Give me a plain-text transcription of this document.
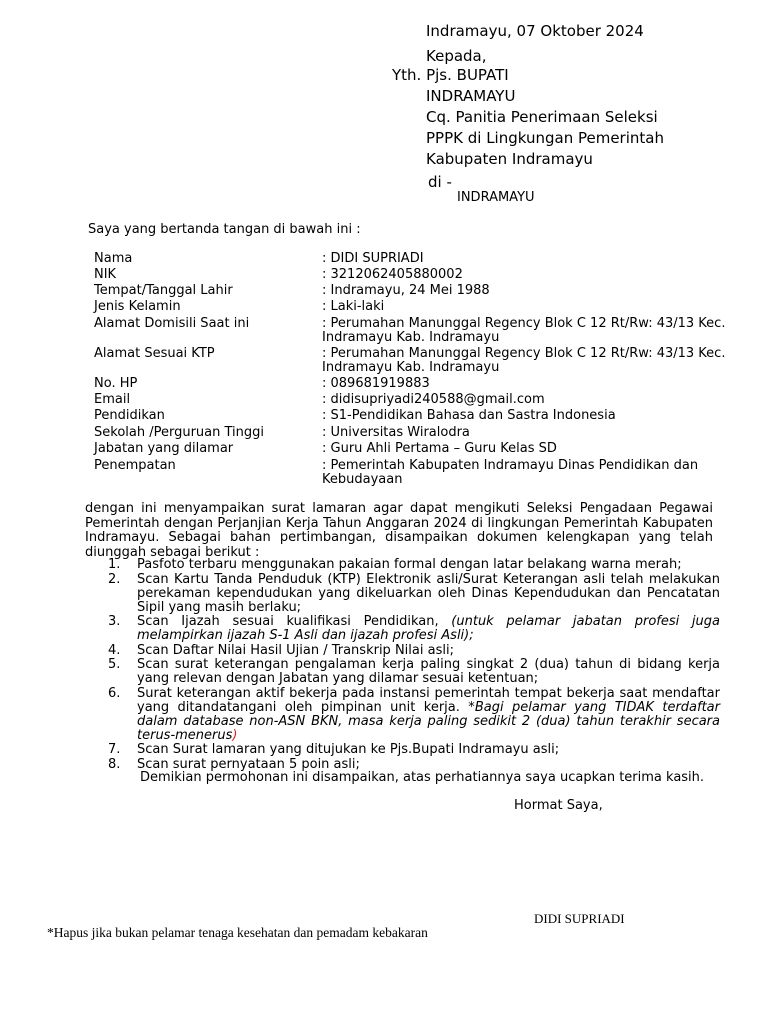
Indramayu, 07 Oktober 2024
Kepada,
Yth. Pjs. BUPATI
INDRAMAYU
Cq. Panitia Penerimaan Seleksi
PPPK di Lingkungan Pemerintah
Kabupaten Indramayu
di -
INDRAMAYU
Saya yang bertanda tangan di bawah ini :
Nama	: DIDI SUPRIADI
NIK	: 3212062405880002
Tempat/Tanggal Lahir	: Indramayu, 24 Mei 1988
Jenis Kelamin	: Laki-laki
Alamat Domisili Saat ini	: Perumahan Manunggal Regency Blok C 12 Rt/Rw: 43/13 Kec.
Indramayu Kab. Indramayu
Alamat Sesuai KTP	: Perumahan Manunggal Regency Blok C 12 Rt/Rw: 43/13 Kec.
Indramayu Kab. Indramayu
No. HP	: 089681919883
Email	: didisupriyadi240588@gmail.com
Pendidikan	: S1-Pendidikan Bahasa dan Sastra Indonesia
Sekolah /Perguruan Tinggi	: Universitas Wiralodra
Jabatan yang dilamar	: Guru Ahli Pertama – Guru Kelas SD
Penempatan	: Pemerintah Kabupaten Indramayu Dinas Pendidikan dan
Kebudayaan
dengan ini menyampaikan surat lamaran agar dapat mengikuti Seleksi Pengadaan Pegawai Pemerintah dengan Perjanjian Kerja Tahun Anggaran 2024 di lingkungan Pemerintah Kabupaten Indramayu. Sebagai bahan pertimbangan, disampaikan dokumen kelengkapan yang telah diunggah sebagai berikut :
1. Pasfoto terbaru menggunakan pakaian formal dengan latar belakang warna merah;
2. Scan Kartu Tanda Penduduk (KTP) Elektronik asli/Surat Keterangan asli telah melakukan perekaman kependudukan yang dikeluarkan oleh Dinas Kependudukan dan Pencatatan Sipil yang masih berlaku;
3. Scan Ijazah sesuai kualifikasi Pendidikan, (untuk pelamar jabatan profesi juga melampirkan ijazah S-1 Asli dan ijazah profesi Asli);
4. Scan Daftar Nilai Hasil Ujian / Transkrip Nilai asli;
5. Scan surat keterangan pengalaman kerja paling singkat 2 (dua) tahun di bidang kerja yang relevan dengan Jabatan yang dilamar sesuai ketentuan;
6. Surat keterangan aktif bekerja pada instansi pemerintah tempat bekerja saat mendaftar yang ditandatangani oleh pimpinan unit kerja. *Bagi pelamar yang TIDAK terdaftar dalam database non-ASN BKN, masa kerja paling sedikit 2 (dua) tahun terakhir secara terus-menerus)
7. Scan Surat lamaran yang ditujukan ke Pjs.Bupati Indramayu asli;
8. Scan surat pernyataan 5 poin asli;
Demikian permohonan ini disampaikan, atas perhatiannya saya ucapkan terima kasih.
Hormat Saya,
DIDI SUPRIADI
*Hapus jika bukan pelamar tenaga kesehatan dan pemadam kebakaran
